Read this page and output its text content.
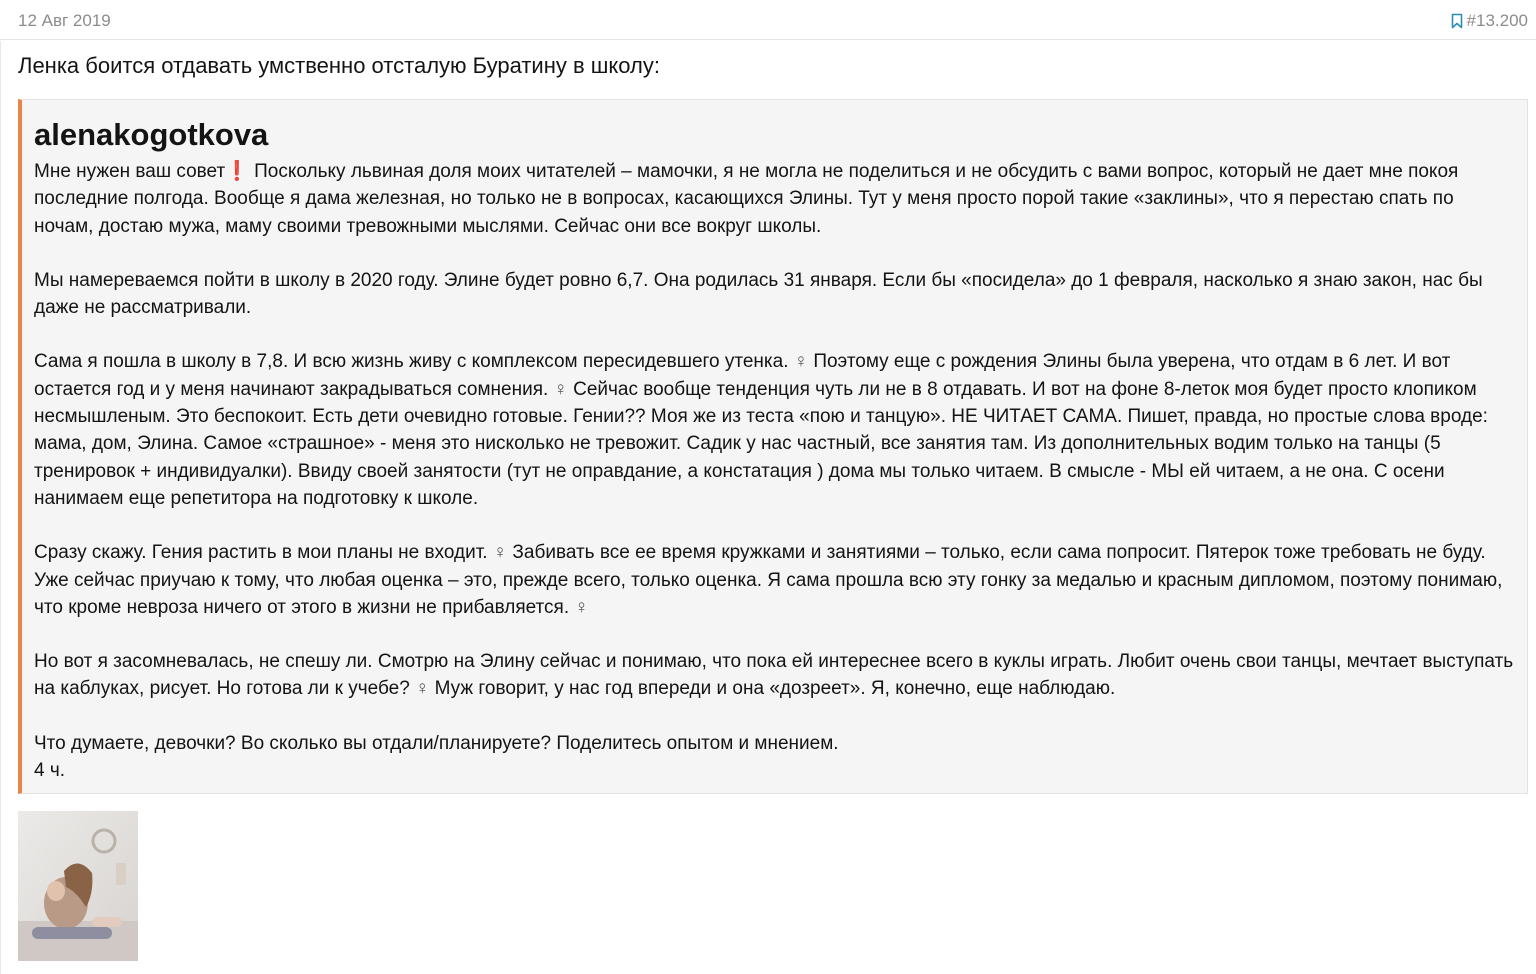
12 Авг 2019	#13.200
Ленка боится отдавать умственно отсталую Буратину в школу:
alenakogotkova

Мне нужен ваш совет❗ Поскольку львиная доля моих читателей – мамочки, я не могла не поделиться и не обсудить с вами вопрос, который не дает мне покоя последние полгода. Вообще я дама железная, но только не в вопросах, касающихся Элины. Тут у меня просто порой такие «заклины», что я перестаю спать по ночам, достаю мужа, маму своими тревожными мыслями. Сейчас они все вокруг школы.

Мы намереваемся пойти в школу в 2020 году. Элине будет ровно 6,7. Она родилась 31 января. Если бы «посидела» до 1 февраля, насколько я знаю закон, нас бы даже не рассматривали.

Сама я пошла в школу в 7,8. И всю жизнь живу с комплексом пересидевшего утенка. ♀ Поэтому еще с рождения Элины была уверена, что отдам в 6 лет. И вот остается год и у меня начинают закрадываться сомнения. ♀ Сейчас вообще тенденция чуть ли не в 8 отдавать. И вот на фоне 8-леток моя будет просто клопиком несмышленым. Это беспокоит. Есть дети очевидно готовые. Гении?? Моя же из теста «пою и танцую». НЕ ЧИТАЕТ САМА. Пишет, правда, но простые слова вроде: мама, дом, Элина. Самое «страшное» - меня это нисколько не тревожит. Садик у нас частный, все занятия там. Из дополнительных водим только на танцы (5 тренировок + индивидуалки). Ввиду своей занятости (тут не оправдание, а констатация ) дома мы только читаем. В смысле - МЫ ей читаем, а не она. С осени нанимаем еще репетитора на подготовку к школе.

Сразу скажу. Гения растить в мои планы не входит. ♀ Забивать все ее время кружками и занятиями – только, если сама попросит. Пятерок тоже требовать не буду. Уже сейчас приучаю к тому, что любая оценка – это, прежде всего, только оценка. Я сама прошла всю эту гонку за медалью и красным дипломом, поэтому понимаю, что кроме невроза ничего от этого в жизни не прибавляется. ♀

Но вот я засомневалась, не спешу ли. Смотрю на Элину сейчас и понимаю, что пока ей интереснее всего в куклы играть. Любит очень свои танцы, мечтает выступать на каблуках, рисует. Но готова ли к учебе? ♀ Муж говорит, у нас год впереди и она «дозреет». Я, конечно, еще наблюдаю.

Что думаете, девочки? Во сколько вы отдали/планируете? Поделитесь опытом и мнением.

4 ч.
